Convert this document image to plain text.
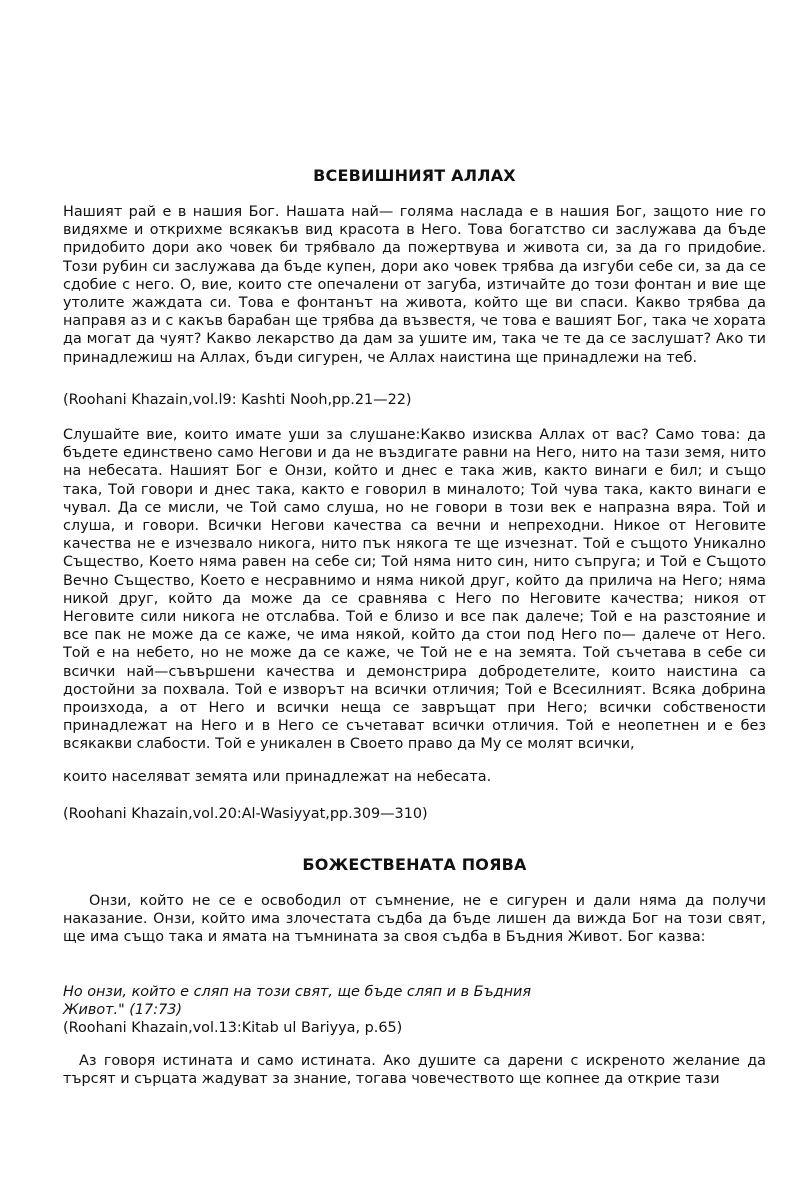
ВСЕВИШНИЯТ АЛЛАХ

Нашият рай е в нашия Бог. Нашата най— голяма наслада е в нашия Бог, защото ние го видяхме и открихме всякакъв вид красота в Него. Това богатство си заслужава да бъде придобито дори ако човек би трябвало да пожертвува и живота си, за да го придобие. Този рубин си заслужава да бъде купен, дори ако човек трябва да изгуби себе си, за да се сдобие с него. О, вие, които сте опечалени от загуба, изтичайте до този фонтан и вие ще утолите жаждата си. Това е фонтанът на живота, който ще ви спаси. Какво трябва да направя аз и с какъв барабан ще трябва да възвестя, че това е вашият Бог, така че хората да могат да чуят? Какво лекарство да дам за ушите им, така че те да се заслушат? Ако ти принадлежиш на Аллах, бъди сигурен, че Аллах наистина ще принадлежи на теб.

(Roohani Khazain,vol.l9: Kashti Nooh,pp.21—22)

Слушайте вие, които имате уши за слушане:Какво изисква Аллах от вас? Само това: да бъдете единствено само Негови и да не въздигате равни на Него, нито на тази земя, нито на небесата. Нашият Бог е Онзи, който и днес е така жив, както винаги е бил; и също така, Той говори и днес така, както е говорил в миналото; Той чува така, както винаги е чувал. Да се мисли, че Той само слуша, но не говори в този век е напразна вяра. Той и слуша, и говори. Всички Негови качества са вечни и непреходни. Никое от Неговите качества не е изчезвало никога, нито пък някога те ще изчезнат. Той е същото Уникално Същество, Което няма равен на себе си; Той няма нито син, нито съпруга; и Той е Същото Вечно Същество, Което е несравнимо и няма никой друг, който да прилича на Него; няма никой друг, който да може да се сравнява с Него по Неговите качества; никоя от Неговите сили никога не отслабва. Той е близо и все пак далече; Той е на разстояние и все пак не може да се каже, че има някой, който да стои под Него по— далече от Него. Той е на небето, но не може да се каже, че Той не е на земята. Той съчетава в себе си всички най—съвършени качества и демонстрира добродетелите, които наистина са достойни за похвала. Той е изворът на всички отличия; Той е Всесилният. Всяка добрина произхода, а от Него и всички неща се завръщат при Него; всички собствености принадлежат на Него и в Него се съчетават всички отличия. Той е неопетнен и е без всякакви слабости. Той е уникален в Своето право да Му се молят всички,

които населяват земята или принадлежат на небесата.

(Roohani Khazain,vol.20:Al-Wasiyyat,pp.309—310)

БОЖЕСТВЕНАТА ПОЯВА

Онзи, който не се е освободил от съмнение, не е сигурен и дали няма да получи наказание. Онзи, който има злочестата съдба да бъде лишен да вижда Бог на този свят, ще има също така и ямата на тъмнината за своя съдба в Бъдния Живот. Бог казва:

Но онзи, който е сляп на този свят, ще бъде сляп и в Бъдния
Живот." (17:73)
(Roohani Khazain,vol.13:Kitab ul Bariyya, p.65)

Аз говоря истината и само истината. Ако душите са дарени с искреното желание да търсят и сърцата жадуват за знание, тогава човечеството ще копнее да открие тази
